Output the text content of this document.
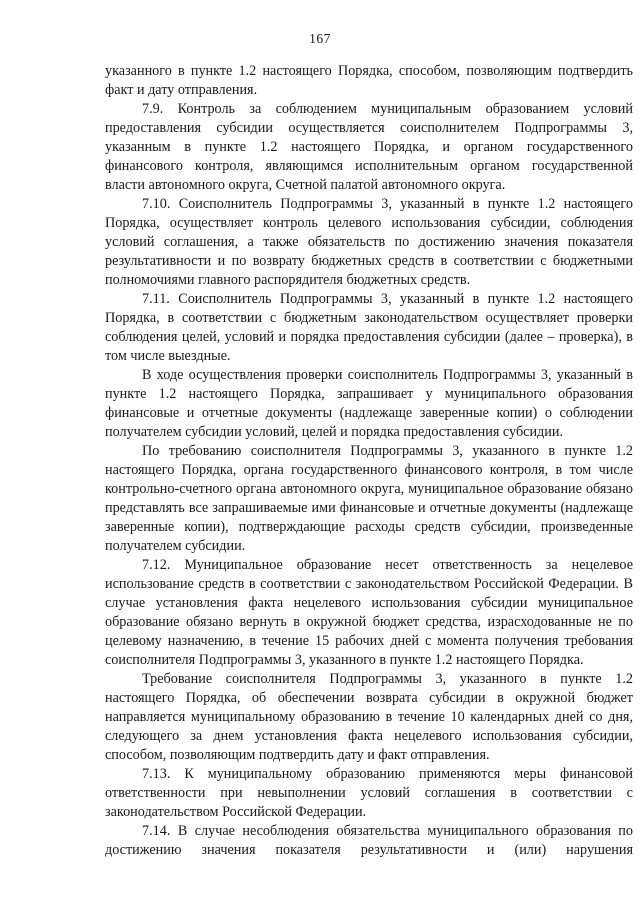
167

указанного в пункте 1.2 настоящего Порядка, способом, позволяющим подтвердить факт и дату отправления.

7.9. Контроль за соблюдением муниципальным образованием условий предоставления субсидии осуществляется соисполнителем Подпрограммы 3, указанным в пункте 1.2 настоящего Порядка, и органом государственного финансового контроля, являющимся исполнительным органом государственной власти автономного округа, Счетной палатой автономного округа.

7.10. Соисполнитель Подпрограммы 3, указанный в пункте 1.2 настоящего Порядка, осуществляет контроль целевого использования субсидии, соблюдения условий соглашения, а также обязательств по достижению значения показателя результативности и по возврату бюджетных средств в соответствии с бюджетными полномочиями главного распорядителя бюджетных средств.

7.11. Соисполнитель Подпрограммы 3, указанный в пункте 1.2 настоящего Порядка, в соответствии с бюджетным законодательством осуществляет проверки соблюдения целей, условий и порядка предоставления субсидии (далее – проверка), в том числе выездные.

В ходе осуществления проверки соисполнитель Подпрограммы 3, указанный в пункте 1.2 настоящего Порядка, запрашивает у муниципального образования финансовые и отчетные документы (надлежаще заверенные копии) о соблюдении получателем субсидии условий, целей и порядка предоставления субсидии.

По требованию соисполнителя Подпрограммы 3, указанного в пункте 1.2 настоящего Порядка, органа государственного финансового контроля, в том числе контрольно-счетного органа автономного округа, муниципальное образование обязано представлять все запрашиваемые ими финансовые и отчетные документы (надлежаще заверенные копии), подтверждающие расходы средств субсидии, произведенные получателем субсидии.

7.12. Муниципальное образование несет ответственность за нецелевое использование средств в соответствии с законодательством Российской Федерации. В случае установления факта нецелевого использования субсидии муниципальное образование обязано вернуть в окружной бюджет средства, израсходованные не по целевому назначению, в течение 15 рабочих дней с момента получения требования соисполнителя Подпрограммы 3, указанного в пункте 1.2 настоящего Порядка.

Требование соисполнителя Подпрограммы 3, указанного в пункте 1.2 настоящего Порядка, об обеспечении возврата субсидии в окружной бюджет направляется муниципальному образованию в течение 10 календарных дней со дня, следующего за днем установления факта нецелевого использования субсидии, способом, позволяющим подтвердить дату и факт отправления.

7.13. К муниципальному образованию применяются меры финансовой ответственности при невыполнении условий соглашения в соответствии с законодательством Российской Федерации.

7.14. В случае несоблюдения обязательства муниципального образования по достижению значения показателя результативности и (или) нарушения
